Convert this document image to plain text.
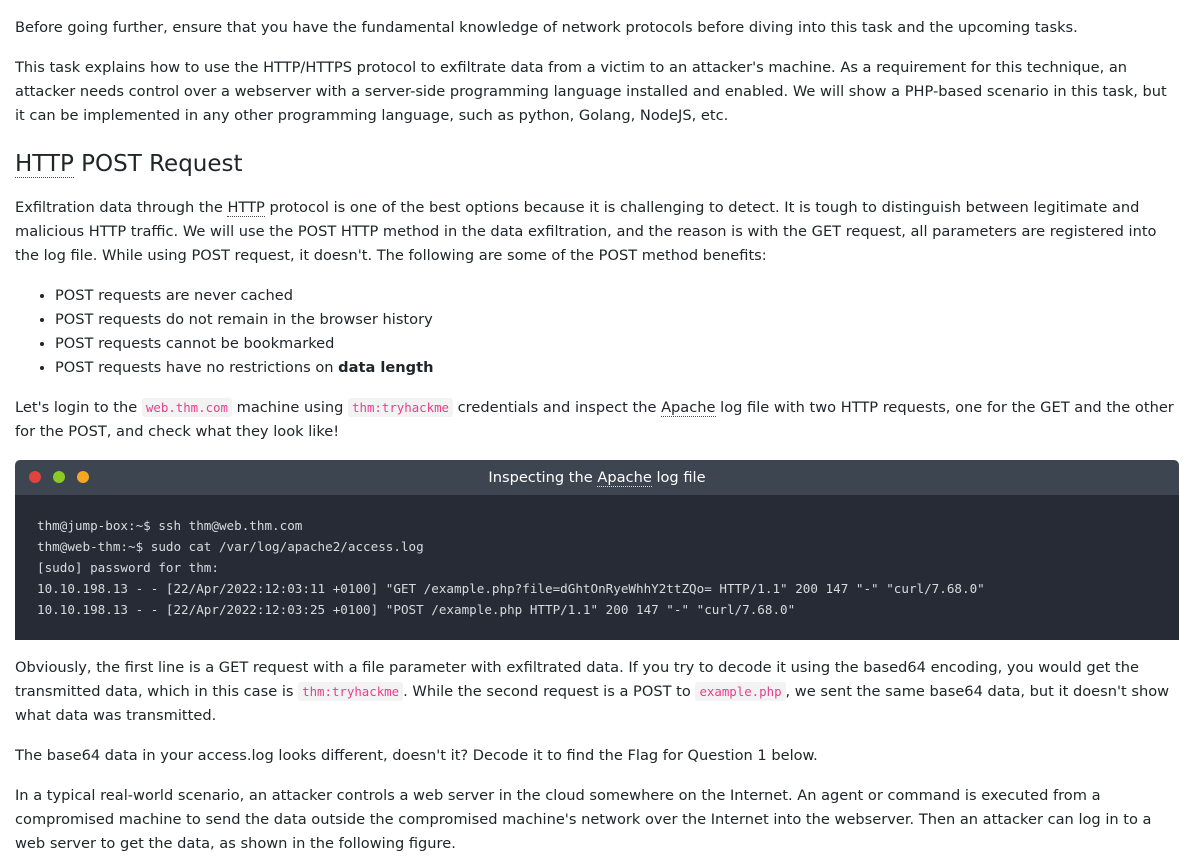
Before going further, ensure that you have the fundamental knowledge of network protocols before diving into this task and the upcoming tasks.

This task explains how to use the HTTP/HTTPS protocol to exfiltrate data from a victim to an attacker's machine. As a requirement for this technique, an attacker needs control over a webserver with a server-side programming language installed and enabled. We will show a PHP-based scenario in this task, but it can be implemented in any other programming language, such as python, Golang, NodeJS, etc.

HTTP POST Request

Exfiltration data through the HTTP protocol is one of the best options because it is challenging to detect. It is tough to distinguish between legitimate and malicious HTTP traffic. We will use the POST HTTP method in the data exfiltration, and the reason is with the GET request, all parameters are registered into the log file. While using POST request, it doesn't. The following are some of the POST method benefits:

• POST requests are never cached
• POST requests do not remain in the browser history
• POST requests cannot be bookmarked
• POST requests have no restrictions on data length

Let's login to the web.thm.com machine using thm:tryhackme credentials and inspect the Apache log file with two HTTP requests, one for the GET and the other for the POST, and check what they look like!

Inspecting the Apache log file
thm@jump-box:~$ ssh thm@web.thm.com
thm@web-thm:~$ sudo cat /var/log/apache2/access.log
[sudo] password for thm:
10.10.198.13 - - [22/Apr/2022:12:03:11 +0100] "GET /example.php?file=dGhtOnRyeWhhY2ttZQo= HTTP/1.1" 200 147 "-" "curl/7.68.0"
10.10.198.13 - - [22/Apr/2022:12:03:25 +0100] "POST /example.php HTTP/1.1" 200 147 "-" "curl/7.68.0"

Obviously, the first line is a GET request with a file parameter with exfiltrated data. If you try to decode it using the based64 encoding, you would get the transmitted data, which in this case is thm:tryhackme . While the second request is a POST to example.php , we sent the same base64 data, but it doesn't show what data was transmitted.

The base64 data in your access.log looks different, doesn't it? Decode it to find the Flag for Question 1 below.

In a typical real-world scenario, an attacker controls a web server in the cloud somewhere on the Internet. An agent or command is executed from a compromised machine to send the data outside the compromised machine's network over the Internet into the webserver. Then an attacker can log in to a web server to get the data, as shown in the following figure.
